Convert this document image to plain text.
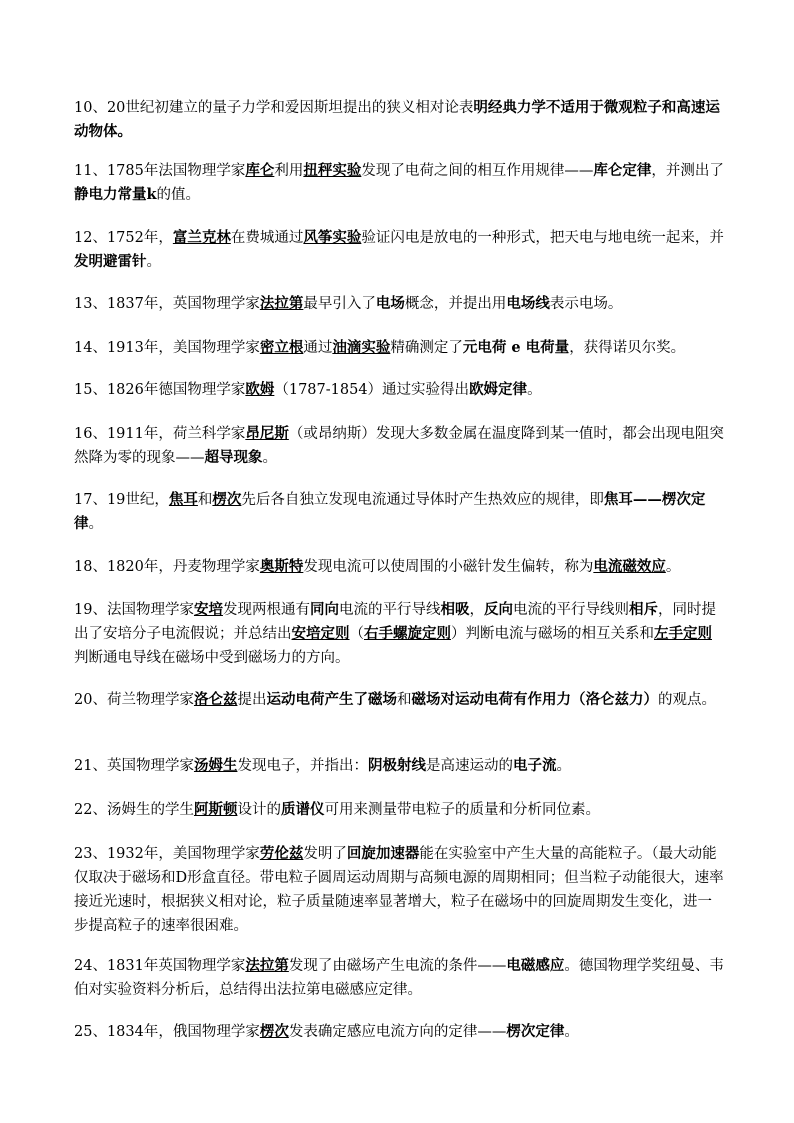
10、20世纪初建立的量子力学和爱因斯坦提出的狭义相对论表明经典力学不适用于微观粒子和高速运动物体。

11、1785年法国物理学家库仑利用扭秤实验发现了电荷之间的相互作用规律——库仑定律，并测出了静电力常量k的值。

12、1752年，富兰克林在费城通过风筝实验验证闪电是放电的一种形式，把天电与地电统一起来，并发明避雷针。

13、1837年，英国物理学家法拉第最早引入了电场概念，并提出用电场线表示电场。

14、1913年，美国物理学家密立根通过油滴实验精确测定了元电荷 e 电荷量，获得诺贝尔奖。

15、1826年德国物理学家欧姆（1787-1854）通过实验得出欧姆定律。

16、1911年，荷兰科学家昂尼斯（或昂纳斯）发现大多数金属在温度降到某一值时，都会出现电阻突然降为零的现象——超导现象。

17、19世纪，焦耳和楞次先后各自独立发现电流通过导体时产生热效应的规律，即焦耳——楞次定律。

18、1820年，丹麦物理学家奥斯特发现电流可以使周围的小磁针发生偏转，称为电流磁效应。

19、法国物理学家安培发现两根通有同向电流的平行导线相吸，反向电流的平行导线则相斥，同时提出了安培分子电流假说；并总结出安培定则（右手螺旋定则）判断电流与磁场的相互关系和左手定则判断通电导线在磁场中受到磁场力的方向。

20、荷兰物理学家洛仑兹提出运动电荷产生了磁场和磁场对运动电荷有作用力（洛仑兹力）的观点。

21、英国物理学家汤姆生发现电子，并指出：阴极射线是高速运动的电子流。

22、汤姆生的学生阿斯顿设计的质谱仪可用来测量带电粒子的质量和分析同位素。

23、1932年，美国物理学家劳伦兹发明了回旋加速器能在实验室中产生大量的高能粒子。（最大动能仅取决于磁场和D形盒直径。带电粒子圆周运动周期与高频电源的周期相同；但当粒子动能很大，速率接近光速时，根据狭义相对论，粒子质量随速率显著增大，粒子在磁场中的回旋周期发生变化，进一步提高粒子的速率很困难。

24、1831年英国物理学家法拉第发现了由磁场产生电流的条件——电磁感应。德国物理学奖纽曼、韦伯对实验资料分析后，总结得出法拉第电磁感应定律。

25、1834年，俄国物理学家楞次发表确定感应电流方向的定律——楞次定律。
